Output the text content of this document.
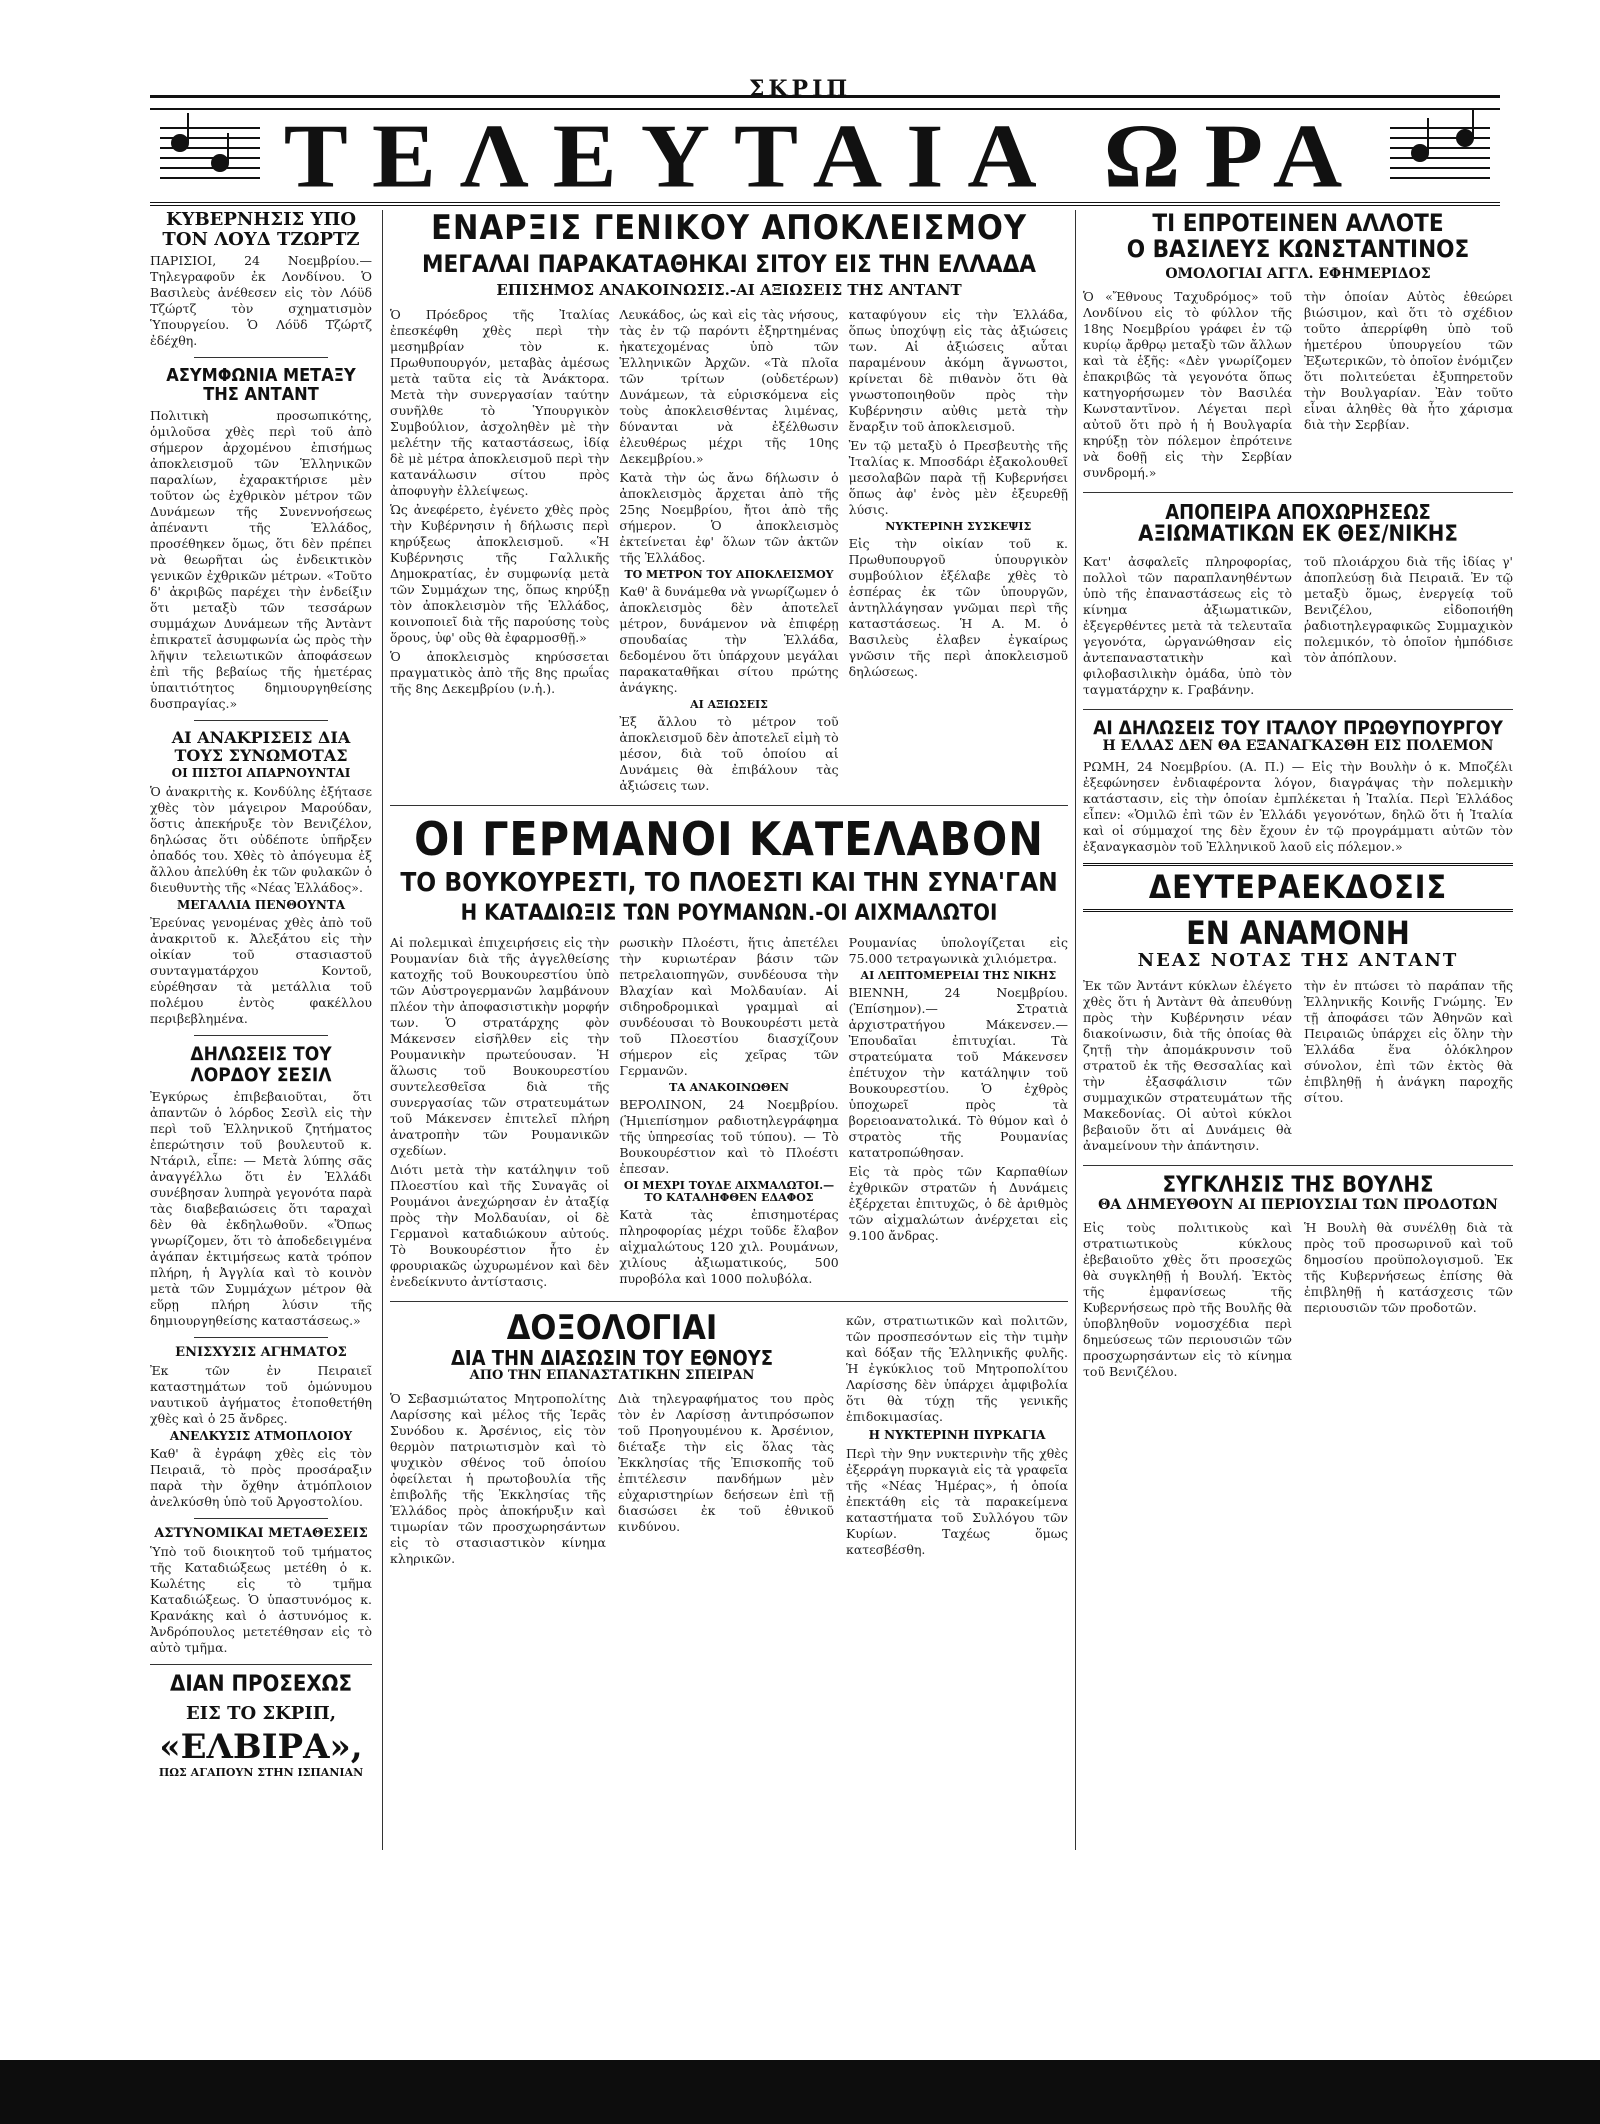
ΣΚΡΙΠ
ΤΕΛΕΥΤΑΙΑ ΩΡΑ
ΚΥΒΕΡΝΗΣΙΣ ΥΠΟ ΤΟΝ ΛΟΥΔ ΤΖΩΡΤΖ

ΠΑΡΙΣΙΟΙ, 24 Νοεμβρίου.— Τηλεγραφοῦν ἐκ Λονδίνου. Ὁ Βασιλεὺς ἀνέθεσεν εἰς τὸν Λόϋδ Τζώρτζ τὸν σχηματισμὸν Ὑπουργείου. Ὁ Λόϋδ Τζώρτζ ἐδέχθη.

ΑΣΥΜΦΩΝΙΑ ΜΕΤΑΞΥ ΤΗΣ ΑΝΤΑΝΤ

Πολιτικὴ προσωπικότης, ὁμιλοῦσα χθὲς περὶ τοῦ ἀπὸ σήμερον ἀρχομένου ἐπισήμως ἀποκλεισμοῦ τῶν Ἑλληνικῶν παραλίων, ἐχαρακτήρισε μὲν τοῦτον ὡς ἐχθρικὸν μέτρον τῶν Δυνάμεων τῆς Συνεννοήσεως ἀπέναντι τῆς Ἑλλάδος, προσέθηκεν ὅμως, ὅτι δὲν πρέπει νὰ θεωρῆται ὡς ἐνδεικτικὸν γενικῶν ἐχθρικῶν μέτρων. «Τοῦτο δ' ἀκριβῶς παρέχει τὴν ἐνδείξιν ὅτι μεταξὺ τῶν τεσσάρων συμμάχων Δυνάμεων τῆς Ἀντὰντ ἐπικρατεῖ ἀσυμφωνία ὡς πρὸς τὴν λῆψιν τελειωτικῶν ἀποφάσεων ἐπὶ τῆς βεβαίως τῆς ἡμετέρας ὑπαιτιότητος δημιουργηθείσης δυσπραγίας.»

ΑΙ ΑΝΑΚΡΙΣΕΙΣ ΔΙΑ ΤΟΥΣ ΣΥΝΩΜΟΤΑΣ
ΟΙ ΠΙΣΤΟΙ ΑΠΑΡΝΟΥΝΤΑΙ

Ὁ ἀνακριτὴς κ. Κονδύλης ἐξήτασε χθὲς τὸν μάγειρον Μαρούδαν, ὅστις ἀπεκήρυξε τὸν Βενιζέλον, δηλώσας ὅτι οὐδέποτε ὑπῆρξεν ὀπαδός του. Χθὲς τὸ ἀπόγευμα ἐξ ἄλλου ἀπελύθη ἐκ τῶν φυλακῶν ὁ διευθυντὴς τῆς «Νέας Ἑλλάδος».

ΜΕΓΑΛΛΙΑ ΠΕΝΘΟΥΝΤΑ

Ἐρεύνας γενομένας χθὲς ἀπὸ τοῦ ἀνακριτοῦ κ. Ἀλεξάτου εἰς τὴν οἰκίαν τοῦ στασιαστοῦ συνταγματάρχου Κοντοῦ, εὑρέθησαν τὰ μετάλλια τοῦ πολέμου ἐντὸς φακέλλου περιβεβλημένα.

ΔΗΛΩΣΕΙΣ ΤΟΥ ΛΟΡΔΟΥ ΣΕΣΙΛ

Ἐγκύρως ἐπιβεβαιοῦται, ὅτι ἀπαντῶν ὁ λόρδος Σεσὶλ εἰς τὴν περὶ τοῦ Ἑλληνικοῦ ζητήματος ἐπερώτησιν τοῦ βουλευτοῦ κ. Ντάριλ, εἶπε: — Μετὰ λύπης σᾶς ἀναγγέλλω ὅτι ἐν Ἑλλάδι συνέβησαν λυπηρὰ γεγονότα παρὰ τὰς διαβεβαιώσεις ὅτι ταραχαὶ δὲν θὰ ἐκδηλωθοῦν. «Ὅπως γνωρίζομεν, ὅτι τὸ ἀποδεδειγμένα ἀγάπαν ἐκτιμήσεως κατὰ τρόπον πλήρη, ἡ Ἀγγλία καὶ τὸ κοινὸν μετὰ τῶν Συμμάχων μέτρον θὰ εὕρῃ πλήρη λύσιν τῆς δημιουργηθείσης καταστάσεως.»

ΕΝΙΣΧΥΣΙΣ ΑΓΗΜΑΤΟΣ

Ἐκ τῶν ἐν Πειραιεῖ καταστημάτων τοῦ ὁμώνυμου ναυτικοῦ ἀγήματος ἐτοποθετήθη χθὲς καὶ ὁ 25 ἄνδρες.

ΑΝΕΛΚΥΣΙΣ ΑΤΜΟΠΛΟΙΟΥ

Καθ' ἃ ἐγράφη χθὲς εἰς τὸν Πειραιᾶ, τὸ πρὸς προσάραξιν παρὰ τὴν ὄχθην ἀτμόπλοιον ἀνελκύσθη ὑπὸ τοῦ Ἀργοστολίου.

ΑΣΤΥΝΟΜΙΚΑΙ ΜΕΤΑΘΕΣΕΙΣ

Ὑπὸ τοῦ διοικητοῦ τοῦ τμήματος τῆς Καταδιώξεως μετέθη ὁ κ. Κωλέτης εἰς τὸ τμῆμα Καταδιώξεως. Ὁ ὑπαστυνόμος κ. Κρανάκης καὶ ὁ ἀστυνόμος κ. Ἀνδρόπουλος μετετέθησαν εἰς τὸ αὐτὸ τμῆμα.

ΔΙΑΝ ΠΡΟΣΕΧΩΣ
ΕΙΣ ΤΟ ΣΚΡΙΠ,
«ΕΛΒΙΡΑ»,
ΠΩΣ ΑΓΑΠΟΥΝ ΣΤΗΝ ΙΣΠΑΝΙΑΝ
ΕΝΑΡΞΙΣ ΓΕΝΙΚΟΥ ΑΠΟΚΛΕΙΣΜΟΥ
ΜΕΓΑΛΑΙ ΠΑΡΑΚΑΤΑΘΗΚΑΙ ΣΙΤΟΥ ΕΙΣ ΤΗΝ ΕΛΛΑΔΑ
ΕΠΙΣΗΜΟΣ ΑΝΑΚΟΙΝΩΣΙΣ.-ΑΙ ΑΞΙΩΣΕΙΣ ΤΗΣ ΑΝΤΑΝΤ

Ὁ Πρόεδρος τῆς Ἰταλίας ἐπεσκέφθη χθὲς περὶ τὴν μεσημβρίαν τὸν κ. Πρωθυπουργόν, μεταβὰς ἀμέσως μετὰ ταῦτα εἰς τὰ Ἀνάκτορα. Μετὰ τὴν συνεργασίαν ταύτην συνῆλθε τὸ Ὑπουργικὸν Συμβούλιον, ἀσχοληθὲν μὲ τὴν μελέτην τῆς καταστάσεως, ἰδίᾳ δὲ μὲ μέτρα ἀποκλεισμοῦ περὶ τὴν κατανάλωσιν σίτου πρὸς ἀποφυγὴν ἐλλείψεως.

Ὡς ἀνεφέρετο, ἐγένετο χθὲς πρὸς τὴν Κυβέρνησιν ἡ δήλωσις περὶ κηρύξεως ἀποκλεισμοῦ. «Ἡ Κυβέρνησις τῆς Γαλλικῆς Δημοκρατίας, ἐν συμφωνίᾳ μετὰ τῶν Συμμάχων της, ὅπως κηρύξῃ τὸν ἀποκλεισμὸν τῆς Ἑλλάδος, κοινοποιεῖ διὰ τῆς παρούσης τοὺς ὅρους, ὑφ' οὓς θὰ ἐφαρμοσθῇ.»

Ὁ ἀποκλεισμὸς κηρύσσεται πραγματικὸς ἀπὸ τῆς 8ης πρωΐας τῆς 8ης Δεκεμβρίου (ν.ἡ.).

Λευκάδος, ὡς καὶ εἰς τὰς νήσους, τὰς ἐν τῷ παρόντι ἐξηρτημένας ἠκατεχομένας ὑπὸ τῶν Ἑλληνικῶν Ἀρχῶν. «Τὰ πλοῖα τῶν τρίτων (οὐδετέρων) Δυνάμεων, τὰ εὑρισκόμενα εἰς τοὺς ἀποκλεισθέντας λιμένας, δύνανται νὰ ἐξέλθωσιν ἐλευθέρως μέχρι τῆς 10ης Δεκεμβρίου.»

Κατὰ τὴν ὡς ἄνω δήλωσιν ὁ ἀποκλεισμὸς ἄρχεται ἀπὸ τῆς 25ης Νοεμβρίου, ἤτοι ἀπὸ τῆς σήμερον. Ὁ ἀποκλεισμὸς ἐκτείνεται ἐφ' ὅλων τῶν ἀκτῶν τῆς Ἑλλάδος.

ΤΟ ΜΕΤΡΟΝ ΤΟΥ ΑΠΟΚΛΕΙΣΜΟΥ

Καθ' ἃ δυνάμεθα νὰ γνωρίζωμεν ὁ ἀποκλεισμὸς δὲν ἀποτελεῖ μέτρον, δυνάμενον νὰ ἐπιφέρῃ σπουδαίας τὴν Ἑλλάδα, δεδομένου ὅτι ὑπάρχουν μεγάλαι παρακαταθῆκαι σίτου πρώτης ἀνάγκης.

ΑΙ ΑΞΙΩΣΕΙΣ

Ἐξ ἄλλου τὸ μέτρον τοῦ ἀποκλεισμοῦ δὲν ἀποτελεῖ εἰμὴ τὸ μέσον, διὰ τοῦ ὁποίου αἱ Δυνάμεις θὰ ἐπιβάλουν τὰς ἀξιώσεις των.

καταφύγουν εἰς τὴν Ἑλλάδα, ὅπως ὑποχύψῃ εἰς τὰς ἀξιώσεις των. Αἱ ἀξιώσεις αὗται παραμένουν ἀκόμη ἄγνωστοι, κρίνεται δὲ πιθανὸν ὅτι θὰ γνωστοποιηθοῦν πρὸς τὴν Κυβέρνησιν αὐθις μετὰ τὴν ἔναρξιν τοῦ ἀποκλεισμοῦ.

Ἐν τῷ μεταξὺ ὁ Πρεσβευτὴς τῆς Ἰταλίας κ. Μποσδάρι ἐξακολουθεῖ μεσολαβῶν παρὰ τῇ Κυβερνήσει ὅπως ἀφ' ἑνὸς μὲν ἐξευρεθῇ λύσις.

ΝΥΚΤΕΡΙΝΗ ΣΥΣΚΕΨΙΣ

Εἰς τὴν οἰκίαν τοῦ κ. Πρωθυπουργοῦ ὑπουργικὸν συμβούλιον ἐξέλαβε χθὲς τὸ ἑσπέρας ἐκ τῶν ὑπουργῶν, ἀντηλλάγησαν γνῶμαι περὶ τῆς καταστάσεως. Ἡ Α. Μ. ὁ Βασιλεὺς ἐλαβεν ἐγκαίρως γνῶσιν τῆς περὶ ἀποκλεισμοῦ δηλώσεως.

ΟΙ ΓΕΡΜΑΝΟΙ ΚΑΤΕΛΑΒΟΝ
ΤΟ ΒΟΥΚΟΥΡΕΣΤΙ, ΤΟ ΠΛΟΕΣΤΙ ΚΑΙ ΤΗΝ ΣΥΝΑ'ΓΑΝ
Η ΚΑΤΑΔΙΩΞΙΣ ΤΩΝ ΡΟΥΜΑΝΩΝ.-ΟΙ ΑΙΧΜΑΛΩΤΟΙ

Αἱ πολεμικαὶ ἐπιχειρήσεις εἰς τὴν Ρουμανίαν διὰ τῆς ἀγγελθείσης κατοχῆς τοῦ Βουκουρεστίου ὑπὸ τῶν Αὐστρογερμανῶν λαμβάνουν πλέον τὴν ἀποφασιστικὴν μορφήν των. Ὁ στρατάρχης φὸν Μάκενσεν εἰσῆλθεν εἰς τὴν Ρουμανικὴν πρωτεύουσαν. Ἡ ἅλωσις τοῦ Βουκουρεστίου συντελεσθεῖσα διὰ τῆς συνεργασίας τῶν στρατευμάτων τοῦ Μάκενσεν ἐπιτελεῖ πλήρη ἀνατροπὴν τῶν Ρουμανικῶν σχεδίων.

Διότι μετὰ τὴν κατάληψιν τοῦ Πλοεστίου καὶ τῆς Συναγᾶς οἱ Ρουμάνοι ἀνεχώρησαν ἐν ἀταξίᾳ πρὸς τὴν Μολδαυίαν, οἱ δὲ Γερμανοὶ καταδιώκουν αὐτούς. Τὸ Βουκουρέστιον ἦτο ἐν φρουριακῶς ὠχυρωμένον καὶ δὲν ἐνεδείκνυτο ἀντίστασις.

ρωσικὴν Πλοέστι, ἥτις ἀπετέλει τὴν κυριωτέραν βάσιν τῶν πετρελαιοπηγῶν, συνδέουσα τὴν Βλαχίαν καὶ Μολδαυίαν. Αἱ σιδηροδρομικαὶ γραμμαὶ αἱ συνδέουσαι τὸ Βουκουρέστι μετὰ τοῦ Πλοεστίου διασχίζουν σήμερον εἰς χεῖρας τῶν Γερμανῶν.

ΤΑ ΑΝΑΚΟΙΝΩΘΕΝ

ΒΕΡΟΛΙΝΟΝ, 24 Νοεμβρίου. (Ἡμιεπίσημον ραδιοτηλεγράφημα τῆς ὑπηρεσίας τοῦ τύπου). — Τὸ Βουκουρέστιον καὶ τὸ Πλοέστι ἐπεσαν.

ΟΙ ΜΕΧΡΙ ΤΟΥΔΕ ΑΙΧΜΑΛΩΤΟΙ.— ΤΟ ΚΑΤΑΛΗΦΘΕΝ ΕΔΑΦΟΣ

Κατὰ τὰς ἐπισημοτέρας πληροφορίας μέχρι τοῦδε ἔλαβον αἰχμαλώτους 120 χιλ. Ρουμάνων, χιλίους ἀξιωματικούς, 500 πυροβόλα καὶ 1000 πολυβόλα.

Ρουμανίας ὑπολογίζεται εἰς 75.000 τετραγωνικὰ χιλιόμετρα.

ΑΙ ΛΕΠΤΟΜΕΡΕΙΑΙ ΤΗΣ ΝΙΚΗΣ

ΒΙΕΝΝΗ, 24 Νοεμβρίου. (Ἐπίσημον).— Στρατιὰ ἀρχιστρατήγου Μάκενσεν.— Ἐπουδαῖαι ἐπιτυχίαι. Τὰ στρατεύματα τοῦ Μάκενσεν ἐπέτυχον τὴν κατάληψιν τοῦ Βουκουρεστίου. Ὁ ἐχθρὸς ὑποχωρεῖ πρὸς τὰ βορειοανατολικά. Τὸ θύμον καὶ ὁ στρατὸς τῆς Ρουμανίας κατατροπώθησαν.

Εἰς τὰ πρὸς τῶν Καρπαθίων ἐχθρικῶν στρατῶν ἡ Δυνάμεις ἐξέρχεται ἐπιτυχῶς, ὁ δὲ ἀριθμὸς τῶν αἰχμαλώτων ἀνέρχεται εἰς 9.100 ἄνδρας.

ΔΟΞΟΛΟΓΙΑΙ
ΔΙΑ ΤΗΝ ΔΙΑΣΩΣΙΝ ΤΟΥ ΕΘΝΟΥΣ
ΑΠΟ ΤΗΝ ΕΠΑΝΑΣΤΑΤΙΚΗΝ ΣΠΕΙΡΑΝ

Ὁ Σεβασμιώτατος Μητροπολίτης Λαρίσσης καὶ μέλος τῆς Ἱερᾶς Συνόδου κ. Ἀρσένιος, εἰς τὸν θερμὸν πατριωτισμὸν καὶ τὸ ψυχικὸν σθένος τοῦ ὁποίου ὀφείλεται ἡ πρωτοβουλία τῆς ἐπιβολῆς τῆς Ἐκκλησίας τῆς Ἑλλάδος πρὸς ἀποκήρυξιν καὶ τιμωρίαν τῶν προσχωρησάντων εἰς τὸ στασιαστικὸν κίνημα κληρικῶν.

Διὰ τηλεγραφήματος του πρὸς τὸν ἐν Λαρίσσῃ ἀντιπρόσωπον τοῦ Προηγουμένου κ. Ἀρσένιον, διέταξε τὴν εἰς ὅλας τὰς Ἐκκλησίας τῆς Ἐπισκοπῆς τοῦ ἐπιτέλεσιν πανδήμων μὲν εὐχαριστηρίων δεήσεων ἐπὶ τῇ διασώσει ἐκ τοῦ ἐθνικοῦ κινδύνου.

κῶν, στρατιωτικῶν καὶ πολιτῶν, τῶν προσπεσόντων εἰς τὴν τιμὴν καὶ δόξαν τῆς Ἑλληνικῆς φυλῆς. Ἡ ἐγκύκλιος τοῦ Μητροπολίτου Λαρίσσης δὲν ὑπάρχει ἀμφιβολία ὅτι θὰ τύχῃ τῆς γενικῆς ἐπιδοκιμασίας.

Η ΝΥΚΤΕΡΙΝΗ ΠΥΡΚΑΓΙΑ

Περὶ τὴν 9ην νυκτερινὴν τῆς χθὲς ἐξερράγη πυρκαγιὰ εἰς τὰ γραφεῖα τῆς «Νέας Ἡμέρας», ἡ ὁποία ἐπεκτάθη εἰς τὰ παρακείμενα καταστήματα τοῦ Συλλόγου τῶν Κυρίων. Ταχέως ὅμως κατεσβέσθη.

ΤΙ ΕΠΡΟΤΕΙΝΕΝ ΑΛΛΟΤΕ
Ο ΒΑΣΙΛΕΥΣ ΚΩΝΣΤΑΝΤΙΝΟΣ
ΟΜΟΛΟΓΙΑΙ ΑΓΓΛ. ΕΦΗΜΕΡΙΔΟΣ

Ὁ «Ἔθνους Ταχυδρόμος» τοῦ Λονδίνου εἰς τὸ φύλλον τῆς 18ης Νοεμβρίου γράφει ἐν τῷ κυρίῳ ἄρθρῳ μεταξὺ τῶν ἄλλων καὶ τὰ ἑξῆς: «Δὲν γνωρίζομεν ἐπακριβῶς τὰ γεγονότα ὅπως κατηγορήσωμεν τὸν Βασιλέα Κωνσταντῖνον. Λέγεται περὶ αὐτοῦ ὅτι πρὸ ἡ ἡ Βουλγαρία κηρύξῃ τὸν πόλεμον ἐπρότεινε νὰ δοθῇ εἰς τὴν Σερβίαν συνδρομή.»

τὴν ὁποίαν Αὐτὸς ἐθεώρει βιώσιμον, καὶ ὅτι τὸ σχέδιον τοῦτο ἀπερρίφθη ὑπὸ τοῦ ἡμετέρου ὑπουργείου τῶν Ἐξωτερικῶν, τὸ ὁποῖον ἐνόμιζεν ὅτι πολιτεύεται ἐξυπηρετοῦν τὴν Βουλγαρίαν. Ἐὰν τοῦτο εἶναι ἀληθὲς θὰ ἦτο χάρισμα διὰ τὴν Σερβίαν.

ΑΠΟΠΕΙΡΑ ΑΠΟΧΩΡΗΣΕΩΣ
ΑΞΙΩΜΑΤΙΚΩΝ ΕΚ ΘΕΣ/ΝΙΚΗΣ

Κατ' ἀσφαλεῖς πληροφορίας, πολλοὶ τῶν παραπλανηθέντων ὑπὸ τῆς ἐπαναστάσεως εἰς τὸ κίνημα ἀξιωματικῶν, ἐξεγερθέντες μετὰ τὰ τελευταῖα γεγονότα, ὠργανώθησαν εἰς ἀντεπαναστατικὴν καὶ φιλοβασιλικὴν ὁμάδα, ὑπὸ τὸν ταγματάρχην κ. Γραβάνην.

τοῦ πλοιάρχου διὰ τῆς ἰδίας γ' ἀποπλεύσῃ διὰ Πειραιᾶ. Ἐν τῷ μεταξὺ ὅμως, ἐνεργείᾳ τοῦ Βενιζέλου, εἰδοποιήθη ῥαδιοτηλεγραφικῶς Συμμαχικὸν πολεμικόν, τὸ ὁποῖον ἠμπόδισε τὸν ἀπόπλουν.

ΑΙ ΔΗΛΩΣΕΙΣ ΤΟΥ ΙΤΑΛΟΥ ΠΡΩΘΥΠΟΥΡΓΟΥ
Η ΕΛΛΑΣ ΔΕΝ ΘΑ ΕΞΑΝΑΓΚΑΣΘΗ ΕΙΣ ΠΟΛΕΜΟΝ

ΡΩΜΗ, 24 Νοεμβρίου. (Α. Π.) — Εἰς τὴν Βουλὴν ὁ κ. Μποζέλι ἐξεφώνησεν ἐνδιαφέροντα λόγον, διαγράψας τὴν πολεμικὴν κατάστασιν, εἰς τὴν ὁποίαν ἐμπλέκεται ἡ Ἰταλία. Περὶ Ἑλλάδος εἶπεν: «Ὁμιλῶ ἐπὶ τῶν ἐν Ἑλλάδι γεγονότων, δηλῶ ὅτι ἡ Ἰταλία καὶ οἱ σύμμαχοί της δὲν ἔχουν ἐν τῷ προγράμματι αὐτῶν τὸν ἐξαναγκασμὸν τοῦ Ἑλληνικοῦ λαοῦ εἰς πόλεμον.»

ΔΕΥΤΕΡΑΕΚΔΟΣΙΣ
ΕΝ ΑΝΑΜΟΝΗ
ΝΕΑΣ ΝΟΤΑΣ ΤΗΣ ΑΝΤΑΝΤ

Ἐκ τῶν Ἀντάντ κύκλων ἐλέγετο χθὲς ὅτι ἡ Ἀντὰντ θὰ ἀπευθύνῃ πρὸς τὴν Κυβέρνησιν νέαν διακοίνωσιν, διὰ τῆς ὁποίας θὰ ζητῇ τὴν ἀπομάκρυνσιν τοῦ στρατοῦ ἐκ τῆς Θεσσαλίας καὶ τὴν ἐξασφάλισιν τῶν συμμαχικῶν στρατευμάτων τῆς Μακεδονίας. Οἱ αὐτοὶ κύκλοι βεβαιοῦν ὅτι αἱ Δυνάμεις θὰ ἀναμείνουν τὴν ἀπάντησιν.

τὴν ἐν πτώσει τὸ παράπαν τῆς Ἑλληνικῆς Κοινῆς Γνώμης. Ἐν τῇ ἀποφάσει τῶν Ἀθηνῶν καὶ Πειραιῶς ὑπάρχει εἰς ὅλην τὴν Ἑλλάδα ἕνα ὁλόκληρον σύνολον, ἐπὶ τῶν ἐκτὸς θὰ ἐπιβληθῇ ἡ ἀνάγκη παροχῆς σίτου.

ΣΥΓΚΛΗΣΙΣ ΤΗΣ ΒΟΥΛΗΣ
ΘΑ ΔΗΜΕΥΘΟΥΝ ΑΙ ΠΕΡΙΟΥΣΙΑΙ ΤΩΝ ΠΡΟΔΟΤΩΝ

Εἰς τοὺς πολιτικοὺς καὶ στρατιωτικοὺς κύκλους ἐβεβαιοῦτο χθὲς ὅτι προσεχῶς θὰ συγκληθῇ ἡ Βουλή. Ἐκτὸς τῆς ἐμφανίσεως τῆς Κυβερνήσεως πρὸ τῆς Βουλῆς θὰ ὑποβληθοῦν νομοσχέδια περὶ δημεύσεως τῶν περιουσιῶν τῶν προσχωρησάντων εἰς τὸ κίνημα τοῦ Βενιζέλου.

Ἡ Βουλὴ θὰ συνέλθῃ διὰ τὰ πρὸς τοῦ προσωρινοῦ καὶ τοῦ δημοσίου προϋπολογισμοῦ. Ἐκ τῆς Κυβερνήσεως ἐπίσης θὰ ἐπιβληθῇ ἡ κατάσχεσις τῶν περιουσιῶν τῶν προδοτῶν.
